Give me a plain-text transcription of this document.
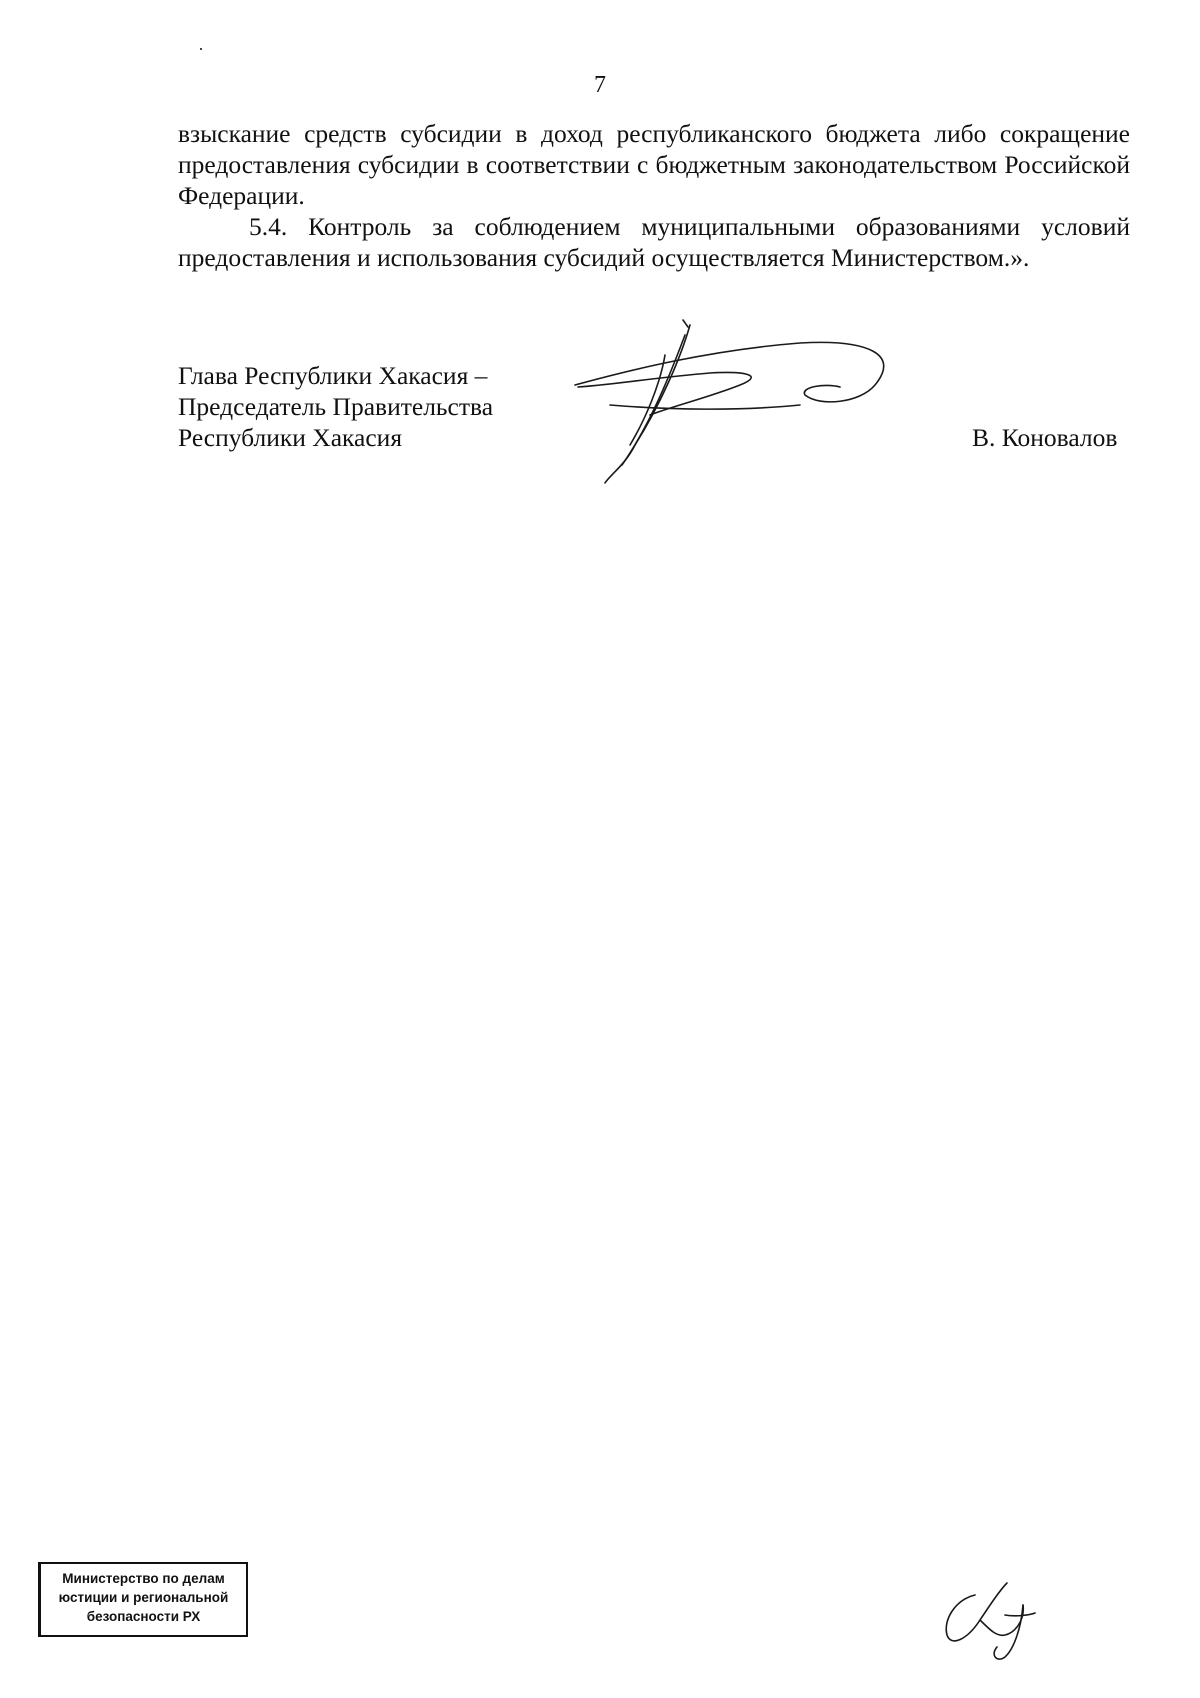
7

взыскание средств субсидии в доход республиканского бюджета либо сокращение предоставления субсидии в соответствии с бюджетным законодательством Российской Федерации.

5.4. Контроль за соблюдением муниципальными образованиями условий предоставления и использования субсидий осуществляется Министерством.».

Глава Республики Хакасия –
Председатель Правительства
Республики Хакасия	В. Коновалов
Министерство по делам
юстиции и региональной
безопасности РХ
